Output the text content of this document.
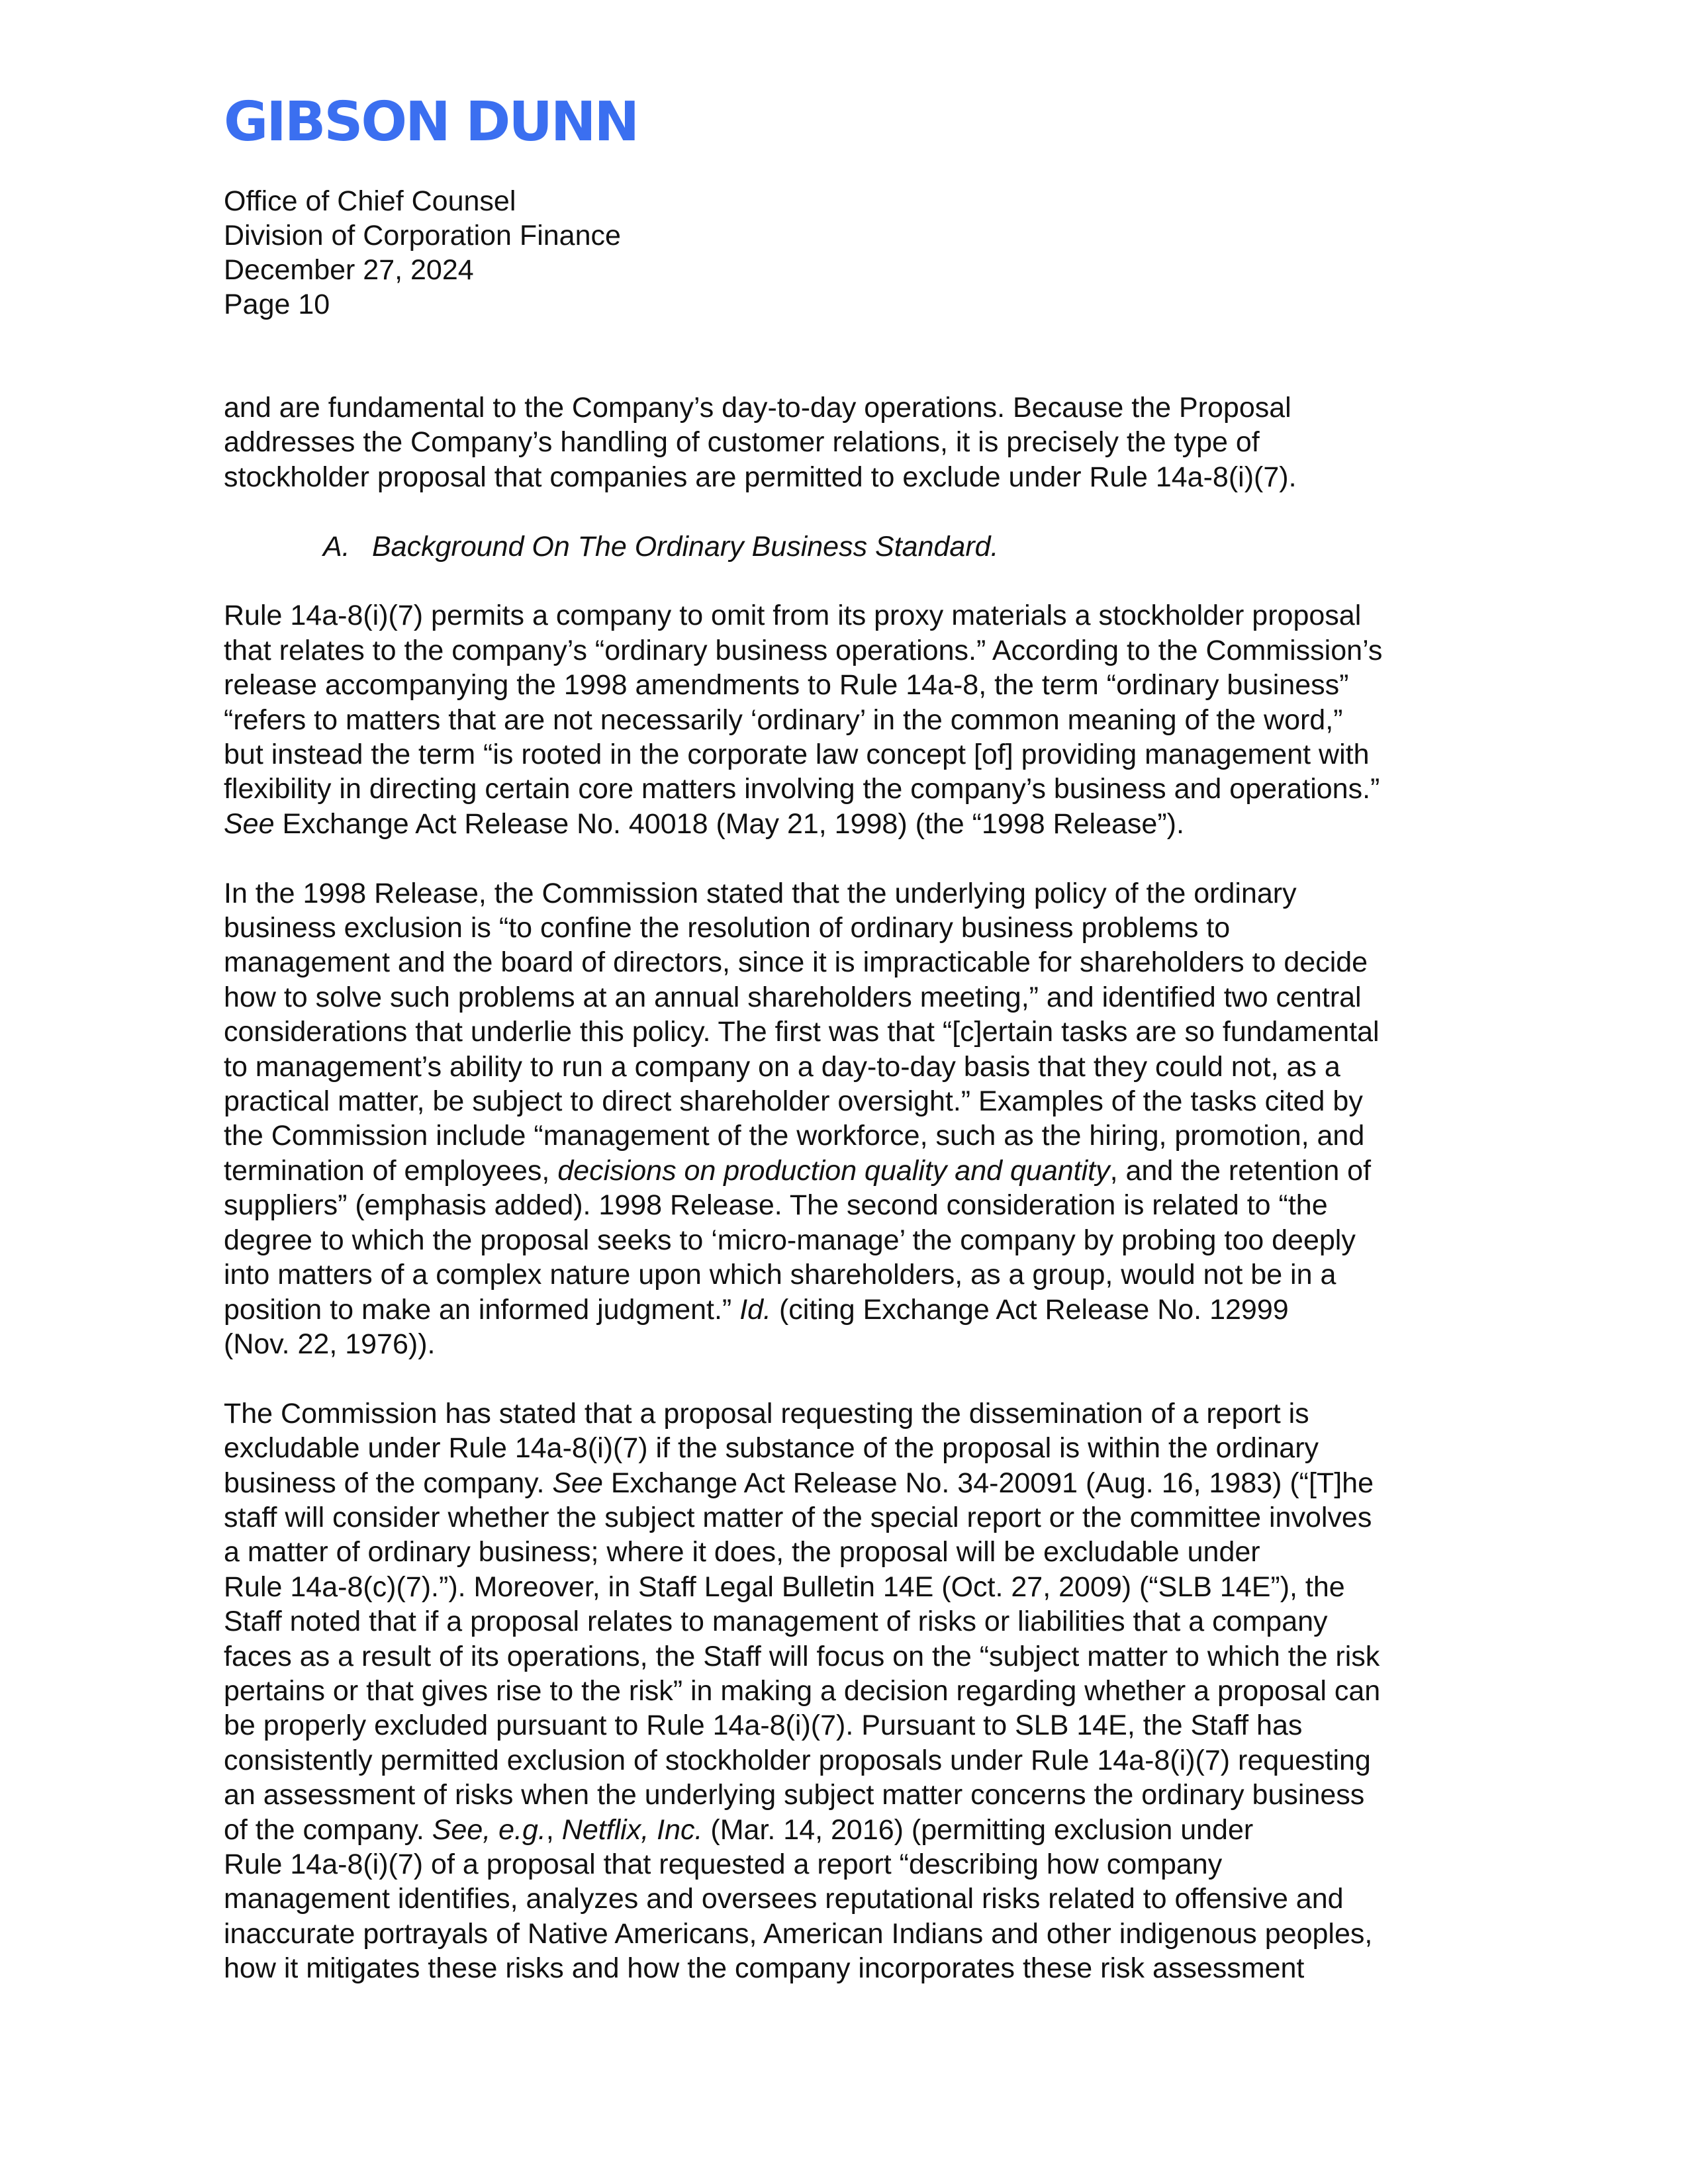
GIBSON DUNN
Office of Chief Counsel
Division of Corporation Finance
December 27, 2024
Page 10
and are fundamental to the Company’s day-to-day operations. Because the Proposal
addresses the Company’s handling of customer relations, it is precisely the type of
stockholder proposal that companies are permitted to exclude under Rule 14a-8(i)(7).
A. Background On The Ordinary Business Standard.
Rule 14a-8(i)(7) permits a company to omit from its proxy materials a stockholder proposal
that relates to the company’s “ordinary business operations.” According to the Commission’s
release accompanying the 1998 amendments to Rule 14a-8, the term “ordinary business”
“refers to matters that are not necessarily ‘ordinary’ in the common meaning of the word,”
but instead the term “is rooted in the corporate law concept [of] providing management with
flexibility in directing certain core matters involving the company’s business and operations.”
See Exchange Act Release No. 40018 (May 21, 1998) (the “1998 Release”).
In the 1998 Release, the Commission stated that the underlying policy of the ordinary
business exclusion is “to confine the resolution of ordinary business problems to
management and the board of directors, since it is impracticable for shareholders to decide
how to solve such problems at an annual shareholders meeting,” and identified two central
considerations that underlie this policy. The first was that “[c]ertain tasks are so fundamental
to management’s ability to run a company on a day-to-day basis that they could not, as a
practical matter, be subject to direct shareholder oversight.” Examples of the tasks cited by
the Commission include “management of the workforce, such as the hiring, promotion, and
termination of employees, decisions on production quality and quantity, and the retention of
suppliers” (emphasis added). 1998 Release. The second consideration is related to “the
degree to which the proposal seeks to ‘micro-manage’ the company by probing too deeply
into matters of a complex nature upon which shareholders, as a group, would not be in a
position to make an informed judgment.” Id. (citing Exchange Act Release No. 12999
(Nov. 22, 1976)).
The Commission has stated that a proposal requesting the dissemination of a report is
excludable under Rule 14a-8(i)(7) if the substance of the proposal is within the ordinary
business of the company. See Exchange Act Release No. 34-20091 (Aug. 16, 1983) (“[T]he
staff will consider whether the subject matter of the special report or the committee involves
a matter of ordinary business; where it does, the proposal will be excludable under
Rule 14a-8(c)(7).”). Moreover, in Staff Legal Bulletin 14E (Oct. 27, 2009) (“SLB 14E”), the
Staff noted that if a proposal relates to management of risks or liabilities that a company
faces as a result of its operations, the Staff will focus on the “subject matter to which the risk
pertains or that gives rise to the risk” in making a decision regarding whether a proposal can
be properly excluded pursuant to Rule 14a-8(i)(7). Pursuant to SLB 14E, the Staff has
consistently permitted exclusion of stockholder proposals under Rule 14a-8(i)(7) requesting
an assessment of risks when the underlying subject matter concerns the ordinary business
of the company. See, e.g., Netflix, Inc. (Mar. 14, 2016) (permitting exclusion under
Rule 14a-8(i)(7) of a proposal that requested a report “describing how company
management identifies, analyzes and oversees reputational risks related to offensive and
inaccurate portrayals of Native Americans, American Indians and other indigenous peoples,
how it mitigates these risks and how the company incorporates these risk assessment
